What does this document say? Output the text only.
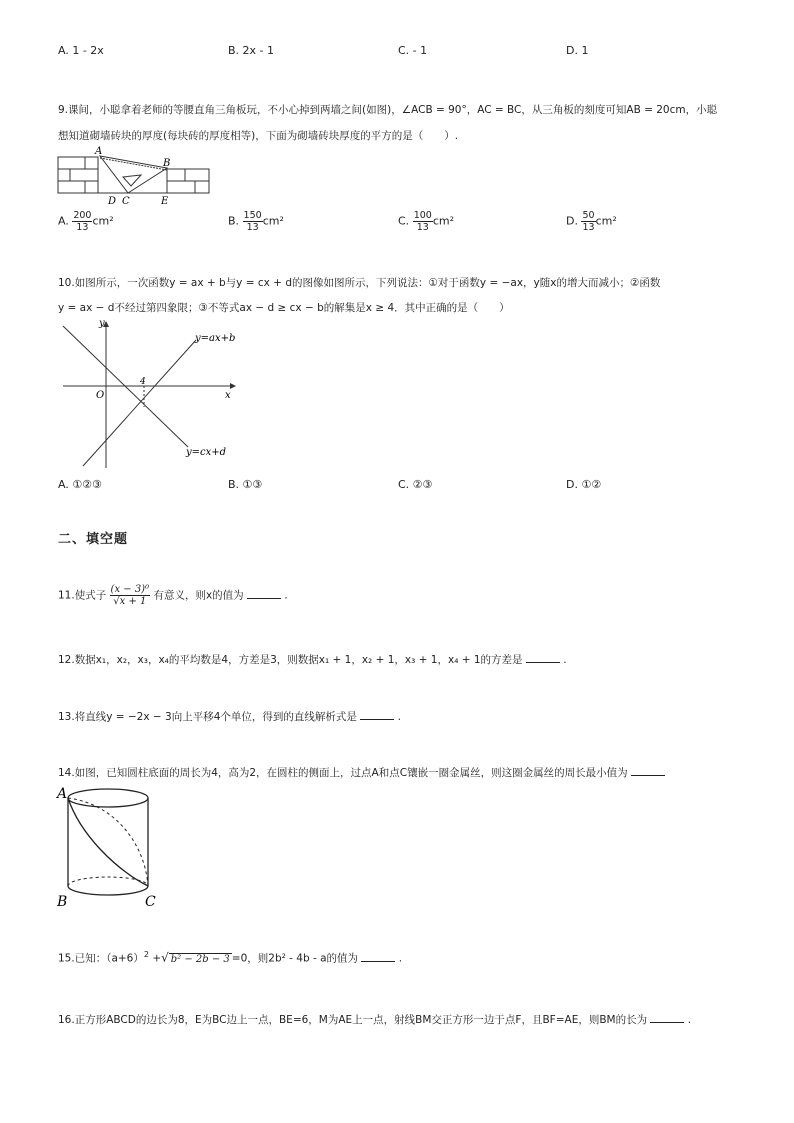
A. 1 - 2x	B. 2x - 1	C. - 1	D. 1
9.课间，小聪拿着老师的等腰直角三角板玩，不小心掉到两墙之间(如图)，∠ACB = 90°，AC = BC，从三角板的刻度可知AB = 20cm，小聪
想知道砌墙砖块的厚度(每块砖的厚度相等)，下面为砌墙砖块厚度的平方的是（　　）.
A
B
D C	E
A. $\frac{200}{13} cm^2$	B. $\frac{150}{13} cm^2$	C. $\frac{100}{13} cm^2$	D. $\frac{50}{13} cm^2$
10.如图所示，一次函数y = ax + b与y = cx + d的图像如图所示，下列说法：①对于函数y = −ax，y随x的增大而减小；②函数
y = ax − d不经过第四象限；③不等式ax − d ≥ cx − b的解集是x ≥ 4．其中正确的是（　　）
y
x
O
4
y=ax+b
y=cx+d
A. ①②③	B. ①③	C. ②③	D. ①②
二、填空题
11.使式子 $\frac{\text{(x − 3)⁰}}{√x + 1}$ 有意义，则x的值为	.
12.数据x₁，x₂，x₃，x₄的平均数是4，方差是3，则数据x₁ + 1，x₂ + 1，x₃ + 1，x₄ + 1的方差是	.
13.将直线y = −2x − 3向上平移4个单位，得到的直线解析式是	.
14.如图，已知圆柱底面的周长为4，高为2，在圆柱的侧面上，过点A和点C镶嵌一圈金属丝，则这圈金属丝的周长最小值为
A
B	C
15.已知：$(a+6)^2$ +√ b² − 2b − 3 =0，则2b² - 4b - a的值为	.
16.正方形ABCD的边长为8，E为BC边上一点，BE=6，M为AE上一点，射线BM交正方形一边于点F，且BF=AE，则BM的长为	.
